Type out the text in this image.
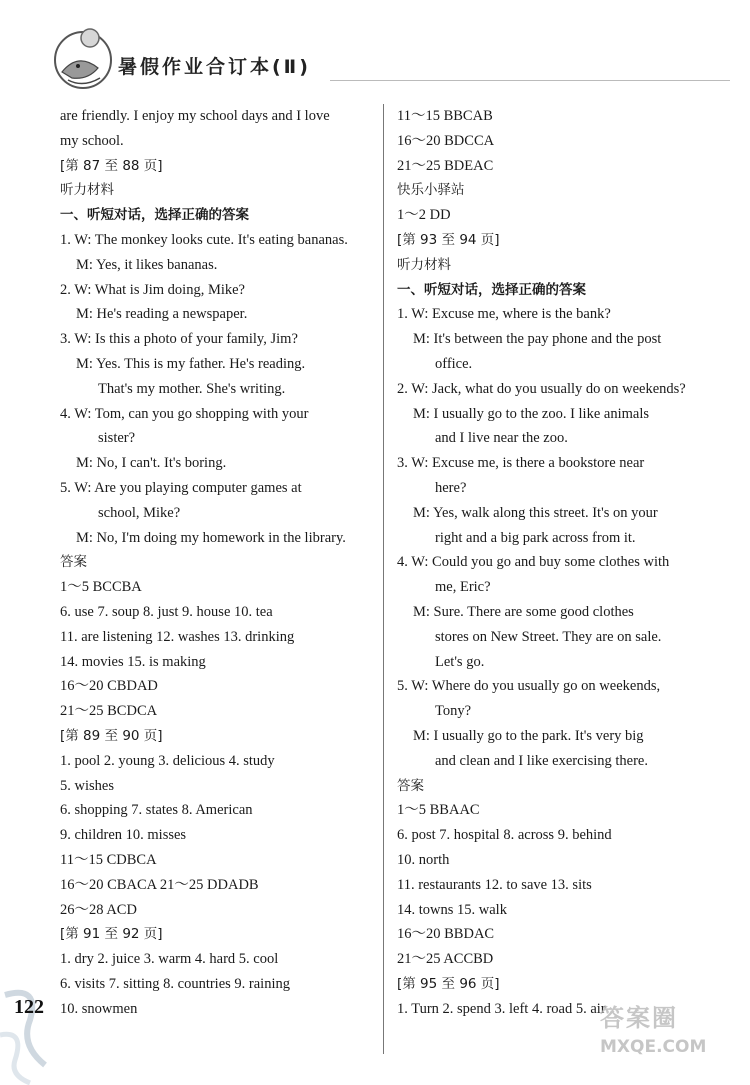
暑假作业合订本(Ⅱ)
are friendly. I enjoy my school days and I love
my school.
[第 87 至 88 页]
听力材料
一、听短对话，选择正确的答案
1. W: The monkey looks cute. It's eating bananas.
M: Yes, it likes bananas.
2. W: What is Jim doing, Mike?
M: He's reading a newspaper.
3. W: Is this a photo of your family, Jim?
M: Yes. This is my father. He's reading.
That's my mother. She's writing.
4. W: Tom, can you go shopping with your
sister?
M: No, I can't. It's boring.
5. W: Are you playing computer games at
school, Mike?
M: No, I'm doing my homework in the library.
答案
1～5 BCCBA
6. use 7. soup 8. just 9. house 10. tea
11. are listening 12. washes 13. drinking
14. movies 15. is making
16～20 CBDAD
21～25 BCDCA
[第 89 至 90 页]
1. pool 2. young 3. delicious 4. study
5. wishes
6. shopping 7. states 8. American
9. children 10. misses
11～15 CDBCA
16～20 CBACA 21～25 DDADB
26～28 ACD
[第 91 至 92 页]
1. dry 2. juice 3. warm 4. hard 5. cool
6. visits 7. sitting 8. countries 9. raining
10. snowmen
11～15 BBCAB
16～20 BDCCA
21～25 BDEAC
快乐小驿站
1～2 DD
[第 93 至 94 页]
听力材料
一、听短对话，选择正确的答案
1. W: Excuse me, where is the bank?
M: It's between the pay phone and the post
office.
2. W: Jack, what do you usually do on weekends?
M: I usually go to the zoo. I like animals
and I live near the zoo.
3. W: Excuse me, is there a bookstore near
here?
M: Yes, walk along this street. It's on your
right and a big park across from it.
4. W: Could you go and buy some clothes with
me, Eric?
M: Sure. There are some good clothes
stores on New Street. They are on sale.
Let's go.
5. W: Where do you usually go on weekends,
Tony?
M: I usually go to the park. It's very big
and clean and I like exercising there.
答案
1～5 BBAAC
6. post 7. hospital 8. across 9. behind
10. north
11. restaurants 12. to save 13. sits
14. towns 15. walk
16～20 BBDAC
21～25 ACCBD
[第 95 至 96 页]
1. Turn 2. spend 3. left 4. road 5. air
122	答案圈
MXQE.COM
